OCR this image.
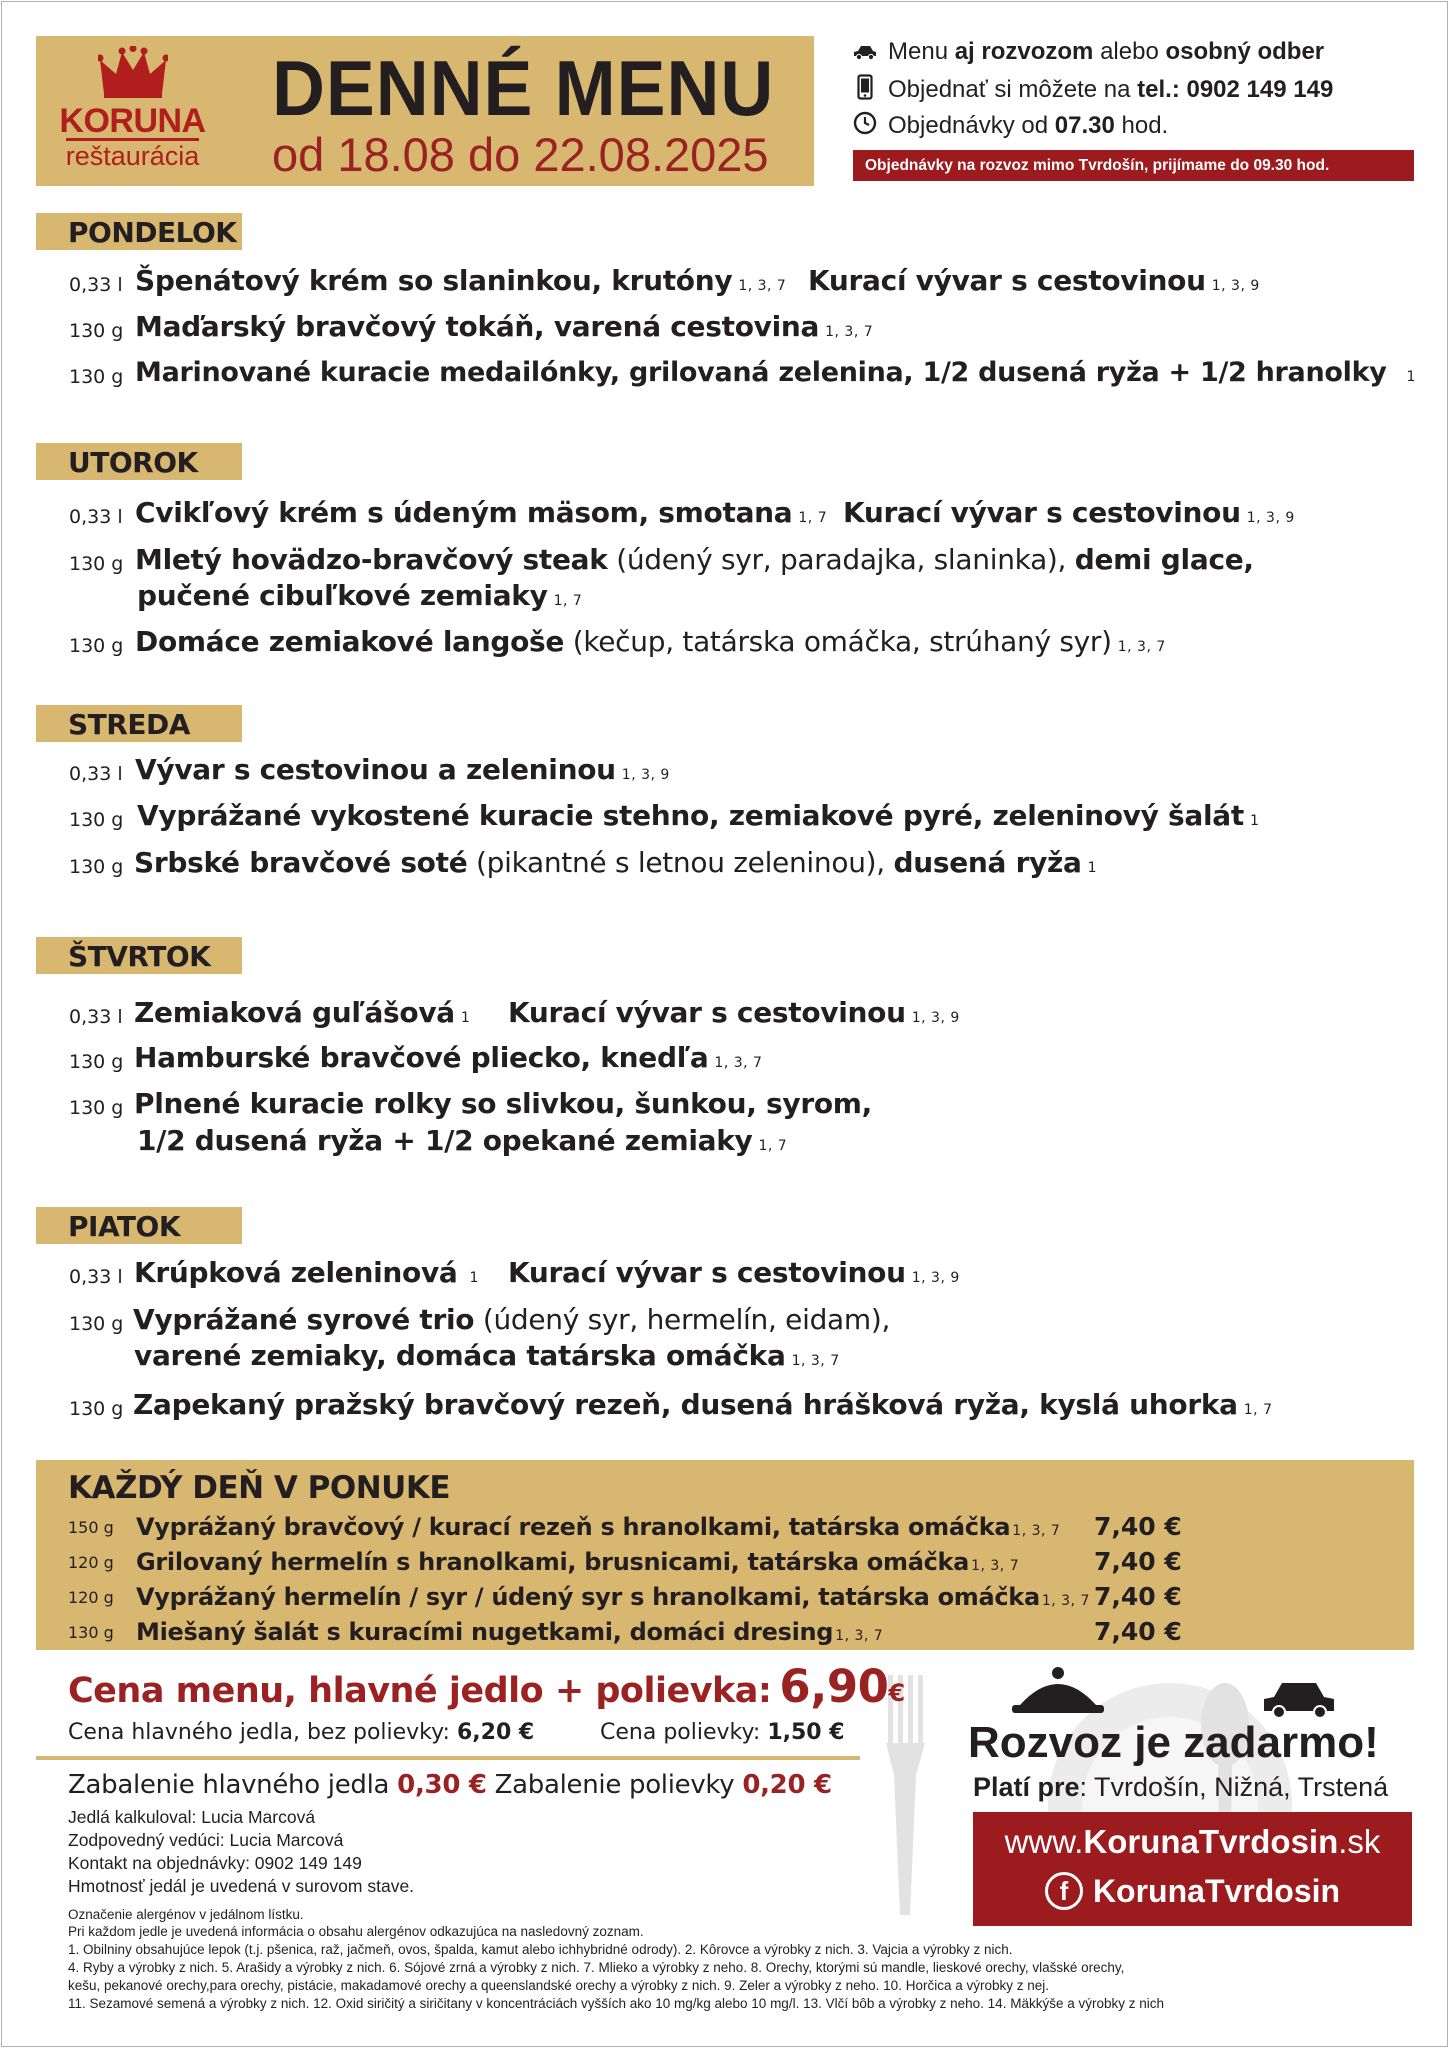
KORUNA
reštaurácia
DENNÉ MENU
od 18.08 do 22.08.2025
Menu aj rozvozom alebo osobný odber
Objednať si môžete na tel.: 0902 149 149
Objednávky od 07.30 hod.
Objednávky na rozvoz mimo Tvrdošín, prijímame do 09.30 hod.
PONDELOK
0,33 l Špenátový krém so slaninkou, krutóny 1, 3, 7 Kurací vývar s cestovinou 1, 3, 9
130 g Maďarský bravčový tokáň, varená cestovina 1, 3, 7
130 g Marinované kuracie medailónky, grilovaná zelenina, 1/2 dusená ryža + 1/2 hranolky 1
UTOROK
0,33 l Cvikľový krém s údeným mäsom, smotana 1, 7 Kurací vývar s cestovinou 1, 3, 9
130 g Mletý hovädzo-bravčový steak (údený syr, paradajka, slaninka), demi glace,
pučené cibuľkové zemiaky 1, 7
130 g Domáce zemiakové langoše (kečup, tatárska omáčka, strúhaný syr) 1, 3, 7
STREDA
0,33 l Vývar s cestovinou a zeleninou 1, 3, 9
130 g Vyprážané vykostené kuracie stehno, zemiakové pyré, zeleninový šalát 1
130 g Srbské bravčové soté (pikantné s letnou zeleninou), dusená ryža 1
ŠTVRTOK
0,33 l Zemiaková guľášová 1 Kurací vývar s cestovinou 1, 3, 9
130 g Hamburské bravčové pliecko, knedľa 1, 3, 7
130 g Plnené kuracie rolky so slivkou, šunkou, syrom,
1/2 dusená ryža + 1/2 opekané zemiaky 1, 7
PIATOK
0,33 l Krúpková zeleninová 1 Kurací vývar s cestovinou 1, 3, 9
130 g Vyprážané syrové trio (údený syr, hermelín, eidam),
varené zemiaky, domáca tatárska omáčka 1, 3, 7
130 g Zapekaný pražský bravčový rezeň, dusená hrášková ryža, kyslá uhorka 1, 7
KAŽDÝ DEŇ V PONUKE
150 g Vyprážaný bravčový / kurací rezeň s hranolkami, tatárska omáčka 1, 3, 7 7,40 €
120 g Grilovaný hermelín s hranolkami, brusnicami, tatárska omáčka 1, 3, 7	7,40 €
120 g Vyprážaný hermelín / syr / údený syr s hranolkami, tatárska omáčka 1, 3, 7 7,40 €
130 g Miešaný šalát s kuracími nugetkami, domáci dresing 1, 3, 7	7,40 €
Cena menu, hlavné jedlo + polievka: 6,90€
Cena hlavného jedla, bez polievky: 6,20 €	Cena polievky: 1,50 €
Zabalenie hlavného jedla 0,30 € Zabalenie polievky 0,20 €
Jedlá kalkuloval: Lucia Marcová
Zodpovedný vedúci: Lucia Marcová
Kontakt na objednávky: 0902 149 149
Hmotnosť jedál je uvedená v surovom stave.
Označenie alergénov v jedálnom lístku.
Pri každom jedle je uvedená informácia o obsahu alergénov odkazujúca na nasledovný zoznam.
1. Obilniny obsahujúce lepok (t.j. pšenica, raž, jačmeň, ovos, špalda, kamut alebo ichhybridné odrody). 2. Kôrovce a výrobky z nich. 3. Vajcia a výrobky z nich.
4. Ryby a výrobky z nich. 5. Arašidy a výrobky z nich. 6. Sójové zrná a výrobky z nich. 7. Mlieko a výrobky z neho. 8. Orechy, ktorými sú mandle, lieskové orechy, vlašské orechy,
kešu, pekanové orechy,para orechy, pistácie, makadamové orechy a queenslandské orechy a výrobky z nich. 9. Zeler a výrobky z neho. 10. Horčica a výrobky z nej.
11. Sezamové semená a výrobky z nich. 12. Oxid siričitý a siričitany v koncentráciách vyšších ako 10 mg/kg alebo 10 mg/l. 13. Vlčí bôb a výrobky z neho. 14. Mäkkýše a výrobky z nich
Rozvoz je zadarmo!
Platí pre: Tvrdošín, Nižná, Trstená
www.KorunaTvrdosin.sk
f KorunaTvrdosin
